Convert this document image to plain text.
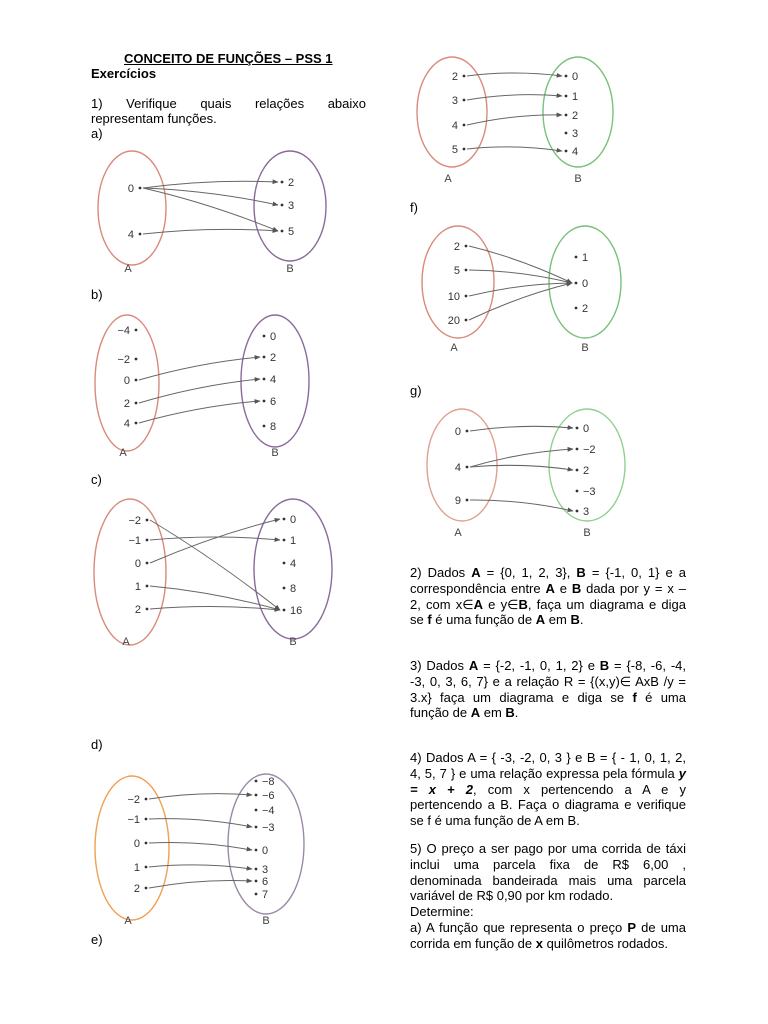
CONCEITO DE FUNÇÕES – PSS 1
Exercícios
1) Verifique quais relações abaixo
representam funções.
a)
b)
c)
d)
e)
f)
g)
0
4
2
3
5
A	B
−4
−2
0
2
4
0
2
4
6
8
A	B
−2
−1
0
1
2
0
1
4
8
16
A	B
−2
−1
0
1
2
−8
−6
−4
−3
0
3
6
7
A	B
2
3
4
5
0
1
2
3
4
A	B
2
5
10
20
1
0
2
A	B
0
4
9
0
−2
2
−3
3
A	B
2) Dados A = {0, 1, 2, 3}, B = {-1, 0, 1} e a correspondência entre A e B dada por y = x – 2, com x∈A e y∈B, faça um diagrama e diga se f é uma função de A em B.
3) Dados A = {-2, -1, 0, 1, 2} e B = {-8, -6, -4, -3, 0, 3, 6, 7} e a relação R = {(x,y)∈ AxB /y = 3.x} faça um diagrama e diga se f é uma função de A em B.
4) Dados A = { -3, -2, 0, 3 } e B = { - 1, 0, 1, 2, 4, 5, 7 } e uma relação expressa pela fórmula y = x + 2, com x pertencendo a A e y pertencendo a B. Faça o diagrama e verifique se f é uma função de A em B.
5) O preço a ser pago por uma corrida de táxi inclui uma parcela fixa de R$ 6,00 , denominada bandeirada mais uma parcela variável de R$ 0,90 por km rodado.
Determine:
a) A função que representa o preço P de uma corrida em função de x quilômetros rodados.
